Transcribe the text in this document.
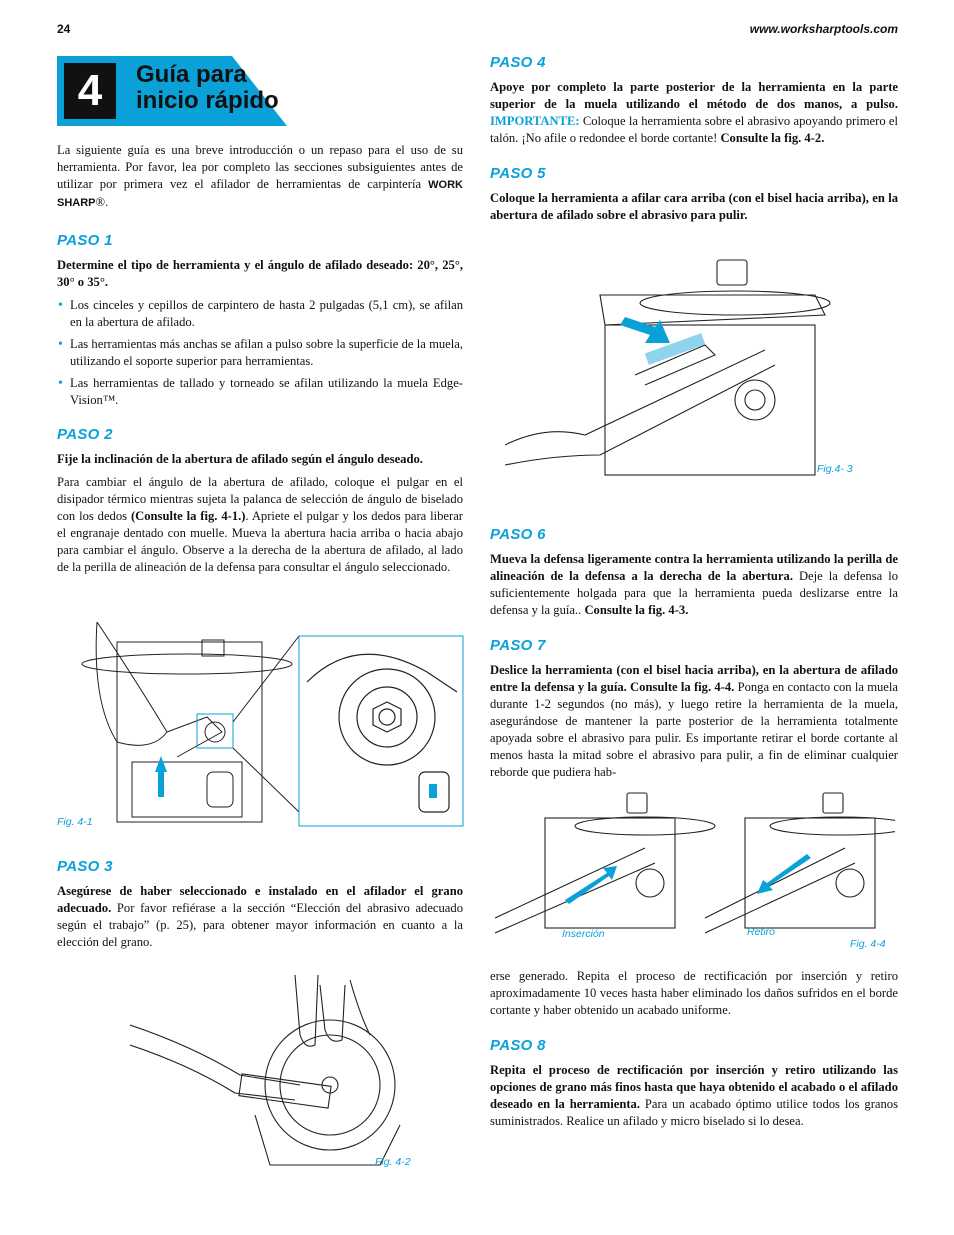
24	www.worksharptools.com
4	Guía para
inicio rápido

La siguiente guía es una breve introducción o un repaso para el uso de su herramienta. Por favor, lea por completo las secciones subsiguientes antes de utilizar por primera vez el afilador de herramientas de carpintería WORK SHARP®.

PASO 1

Determine el tipo de herramienta y el ángulo de afilado deseado: 20°, 25°, 30° o 35°.

• Los cinceles y cepillos de carpintero de hasta 2 pulgadas (5,1 cm), se afilan en la abertura de afilado.
• Las herramientas más anchas se afilan a pulso sobre la superficie de la muela, utilizando el soporte superior para herramientas.
• Las herramientas de tallado y torneado se afilan utilizando la muela Edge-Vision™.
PASO 2

Fije la inclinación de la abertura de afilado según el ángulo deseado.

Para cambiar el ángulo de la abertura de afilado, coloque el pulgar en el disipador térmico mientras sujeta la palanca de selección de ángulo de biselado con los dedos (Consulte la fig. 4-1.). Apriete el pulgar y los dedos para liberar el engranaje dentado con muelle. Mueva la abertura hacia arriba o hacia abajo para cambiar el ángulo. Observe a la derecha de la abertura de afilado, al lado de la perilla de alineación de la defensa para consultar el ángulo seleccionado.

Fig. 4-1
PASO 3

Asegúrese de haber seleccionado e instalado en el afilador el grano adecuado. Por favor refiérase a la sección “Elección del abrasivo adecuado según el trabajo” (p. 25), para obtener mayor información en cuanto a la elección del grano.

Fig. 4-2
PASO 4

Apoye por completo la parte posterior de la herramienta en la parte superior de la muela utilizando el método de dos manos, a pulso. IMPORTANTE: Coloque la herramienta sobre el abrasivo apoyando primero el talón. ¡No afile o redondee el borde cortante! Consulte la fig. 4-2.

PASO 5

Coloque la herramienta a afilar cara arriba (con el bisel hacia arriba), en la abertura de afilado sobre el abrasivo para pulir.

Fig.4- 3
PASO 6

Mueva la defensa ligeramente contra la herramienta utilizando la perilla de alineación de la defensa a la derecha de la abertura. Deje la defensa lo suficientemente holgada para que la herramienta pueda deslizarse entre la defensa y la guía.. Consulte la fig. 4-3.

PASO 7

Deslice la herramienta (con el bisel hacia arriba), en la abertura de afilado entre la defensa y la guía. Consulte la fig. 4-4. Ponga en contacto con la muela durante 1-2 segundos (no más), y luego retire la herramienta de la muela, asegurándose de mantener la parte posterior de la herramienta totalmente apoyada sobre el abrasivo para pulir. Es importante retirar el borde cortante al menos hasta la mitad sobre el abrasivo para pulir, a fin de eliminar cualquier reborde que pudiera hab-

Inserción	Retiro
Fig. 4-4

erse generado. Repita el proceso de rectificación por inserción y retiro aproximadamente 10 veces hasta haber eliminado los daños sufridos en el borde cortante y haber obtenido un acabado uniforme.

PASO 8

Repita el proceso de rectificación por inserción y retiro utilizando las opciones de grano más finos hasta que haya obtenido el acabado o el afilado deseado en la herramienta. Para un acabado óptimo utilice todos los granos suministrados. Realice un afilado y micro biselado si lo desea.
